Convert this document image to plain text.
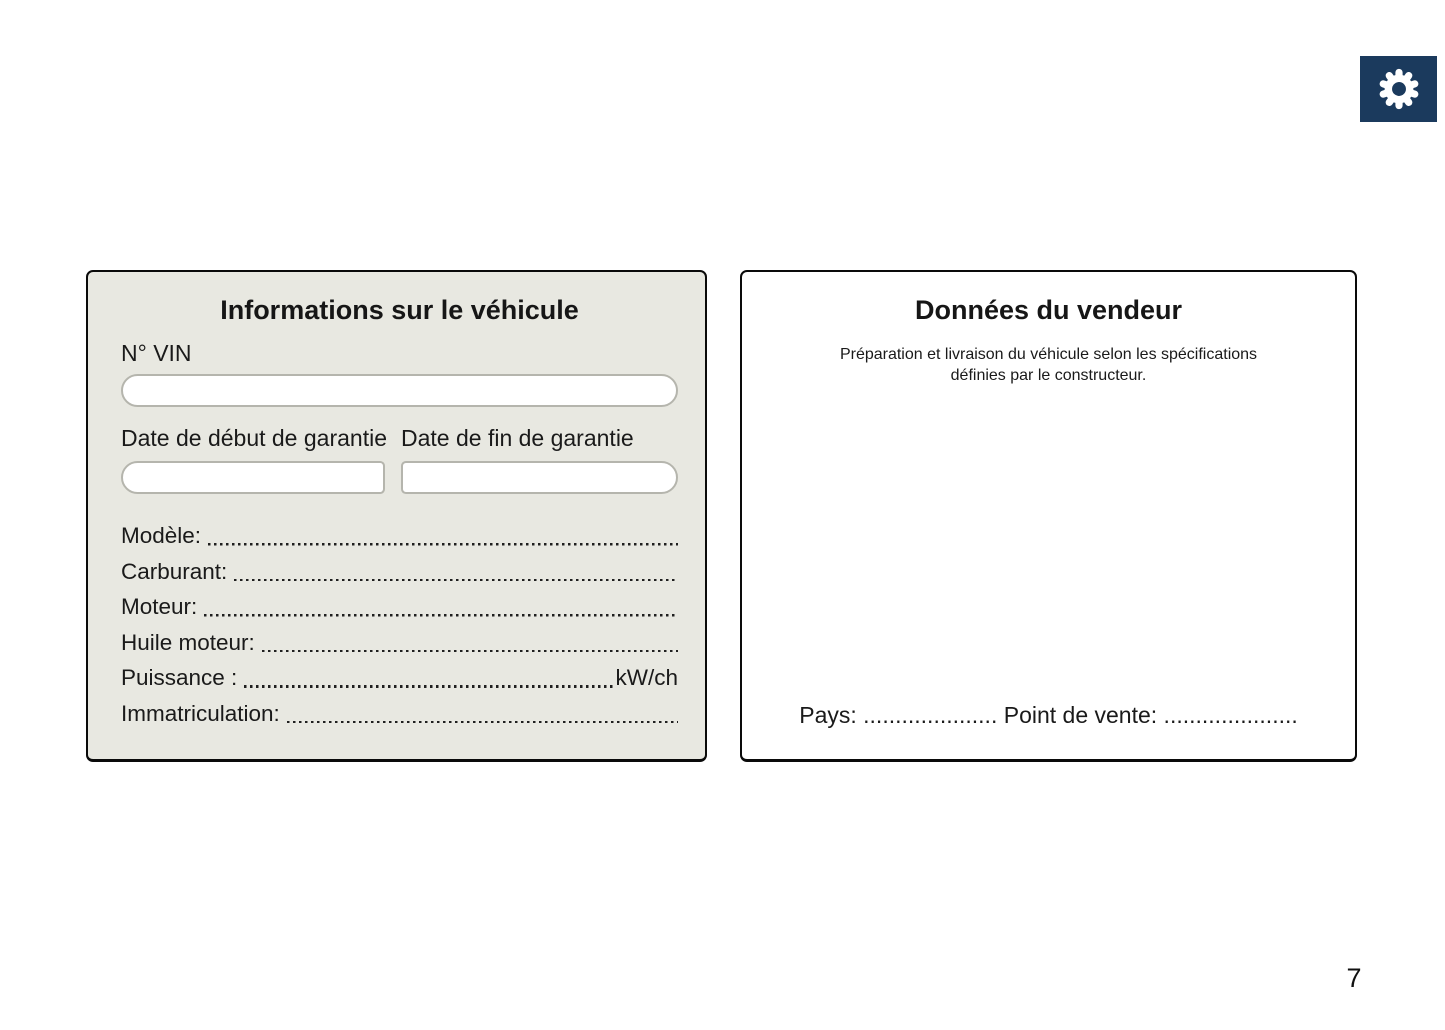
Informations sur le véhicule
N° VIN
Date de début de garantie Date de fin de garantie
Modèle:
Carburant:
Moteur:
Huile moteur:
Puissance :	kW/ch
Immatriculation:
Données du vendeur

Préparation et livraison du véhicule selon les spécifications définies par le constructeur.

Pays: ..................... Point de vente: .....................
7
